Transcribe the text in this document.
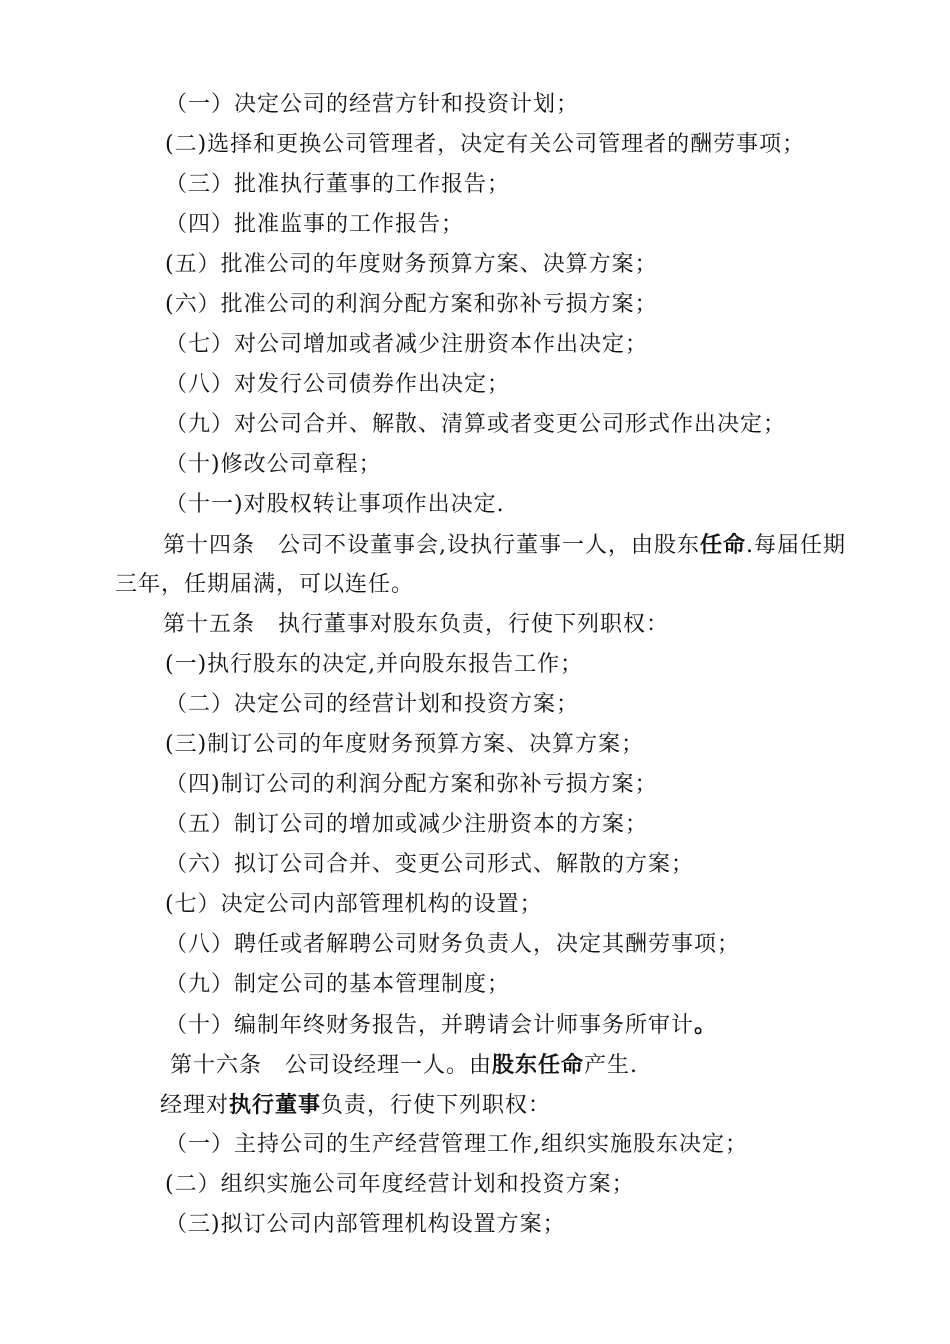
（一）决定公司的经营方针和投资计划；
(二)选择和更换公司管理者，决定有关公司管理者的酬劳事项；
（三）批准执行董事的工作报告；
（四）批准监事的工作报告；
(五）批准公司的年度财务预算方案、决算方案；
(六）批准公司的利润分配方案和弥补亏损方案；
（七）对公司增加或者减少注册资本作出决定；
（八）对发行公司债券作出决定；
（九）对公司合并、解散、清算或者变更公司形式作出决定；
（十)修改公司章程；
（十一)对股权转让事项作出决定.
第十四条　公司不设董事会,设执行董事一人，由股东任命.每届任期
三年，任期届满，可以连任。
第十五条　执行董事对股东负责，行使下列职权：
(一)执行股东的决定,并向股东报告工作；
（二）决定公司的经营计划和投资方案；
(三)制订公司的年度财务预算方案、决算方案；
（四)制订公司的利润分配方案和弥补亏损方案；
（五）制订公司的增加或减少注册资本的方案；
（六）拟订公司合并、变更公司形式、解散的方案；
(七）决定公司内部管理机构的设置；
（八）聘任或者解聘公司财务负责人，决定其酬劳事项；
（九）制定公司的基本管理制度；
（十）编制年终财务报告，并聘请会计师事务所审计。
第十六条　公司设经理一人。由股东任命产生.
经理对执行董事负责，行使下列职权：
（一）主持公司的生产经营管理工作,组织实施股东决定；
(二）组织实施公司年度经营计划和投资方案；
（三)拟订公司内部管理机构设置方案；
